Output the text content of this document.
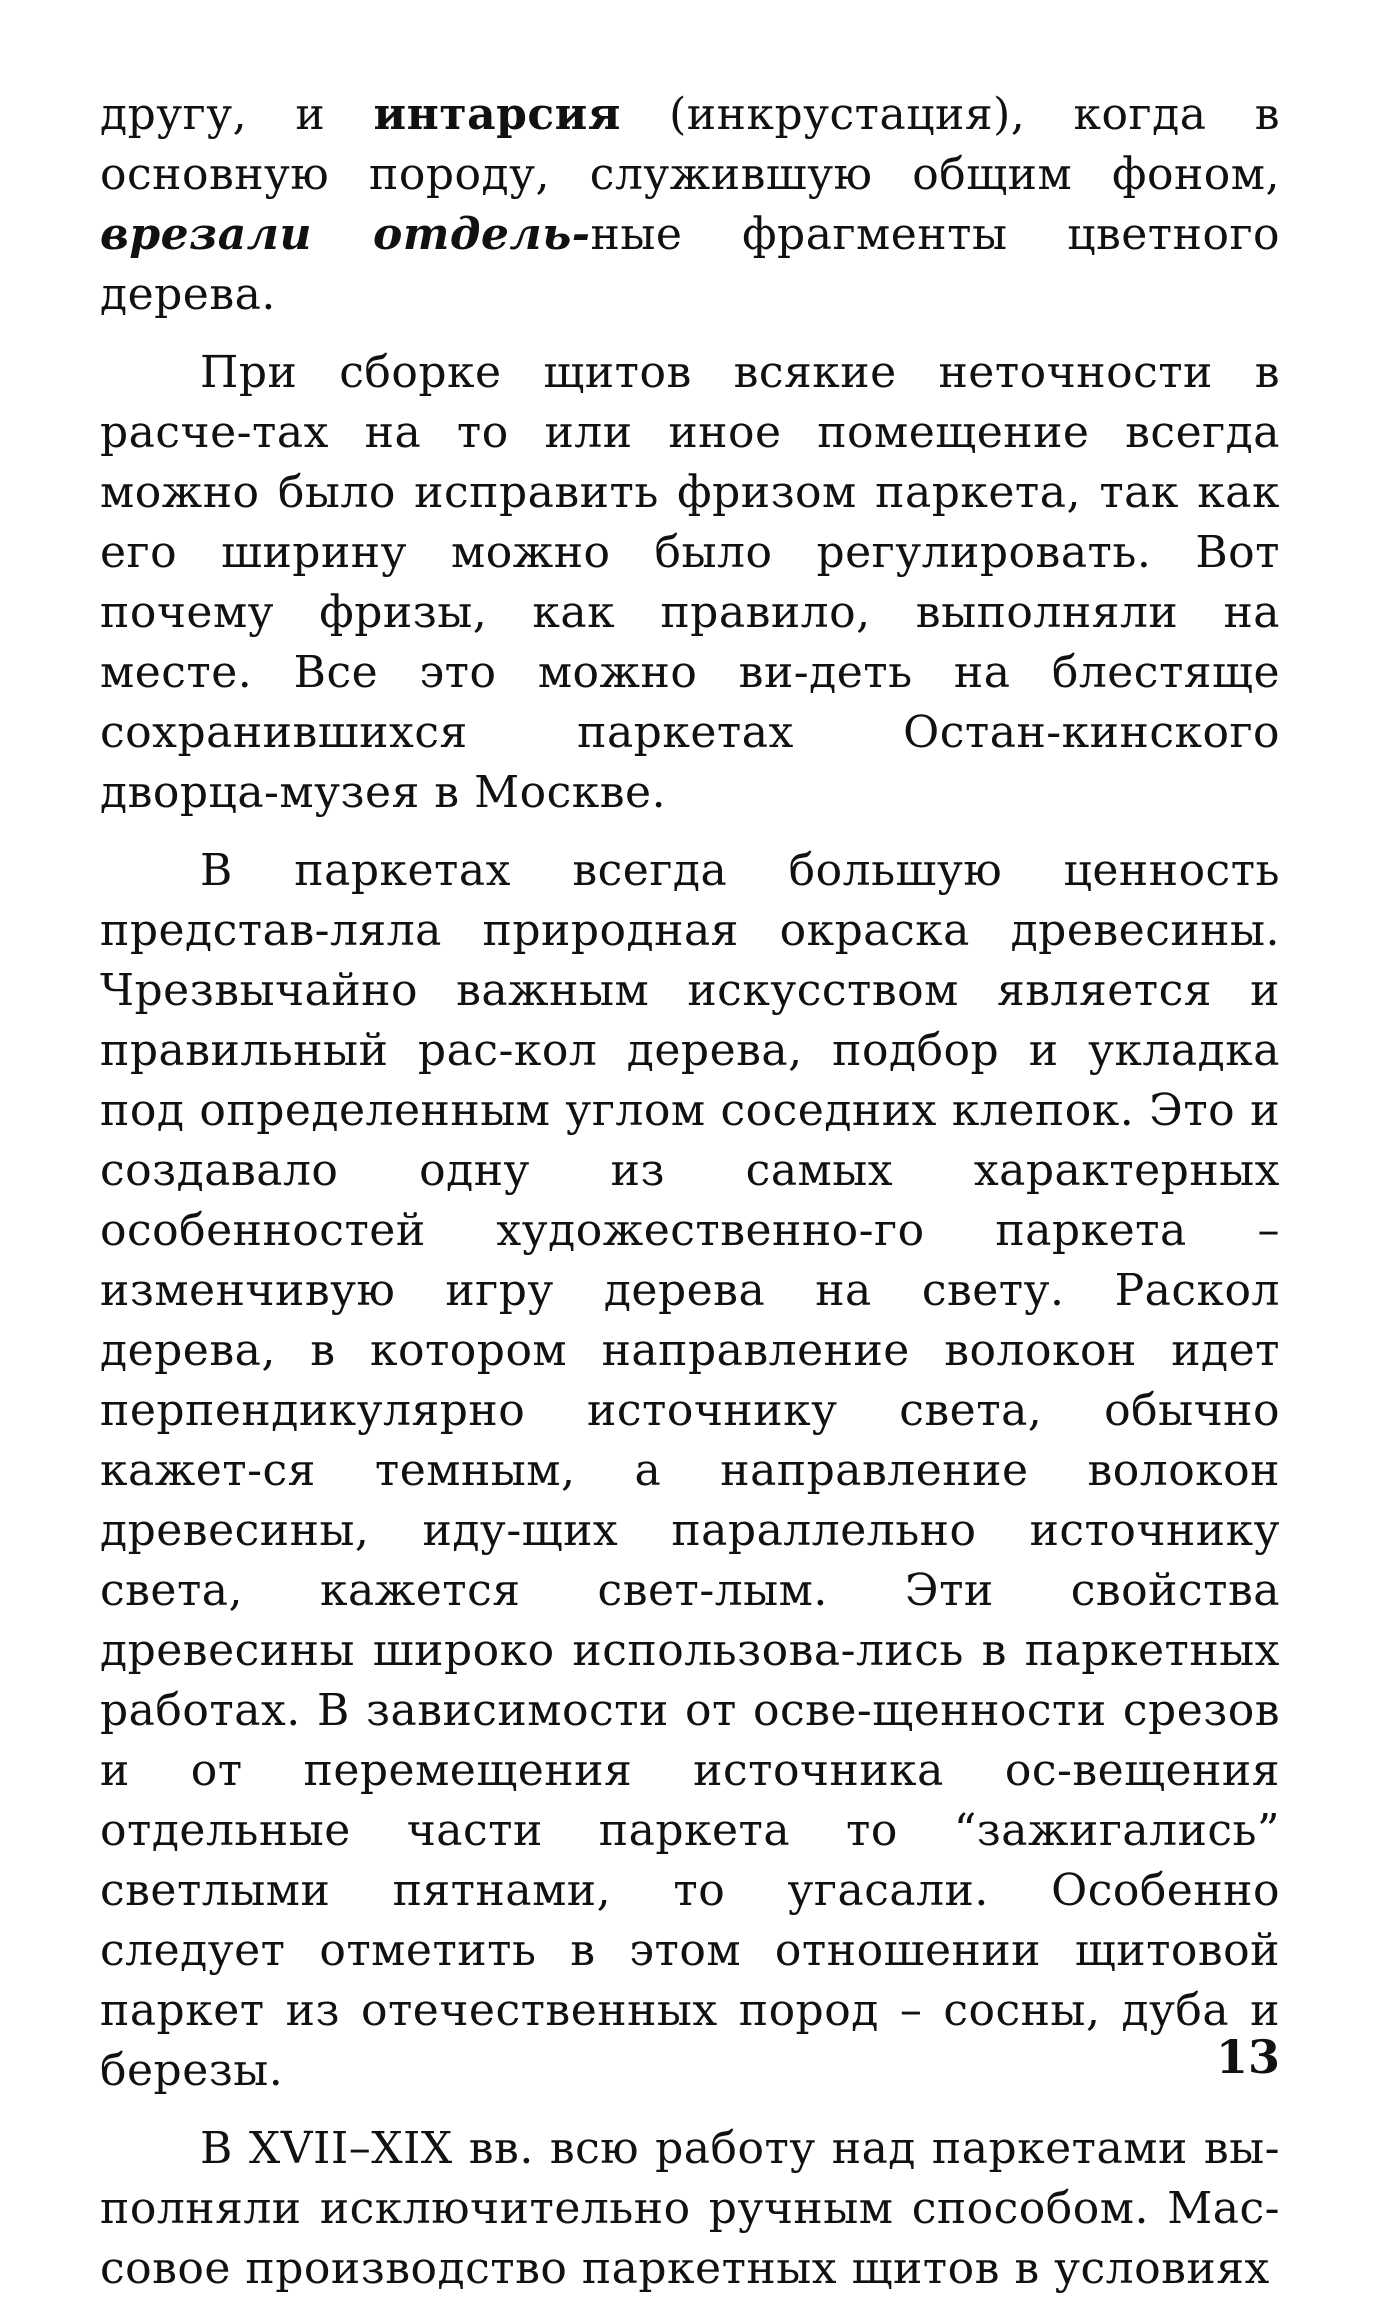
другу, и интарсия (инкрустация), когда в основную породу, служившую общим фоном, врезали отдель-ные фрагменты цветного дерева.

При сборке щитов всякие неточности в расче-тах на то или иное помещение всегда можно было исправить фризом паркета, так как его ширину можно было регулировать. Вот почему фризы, как правило, выполняли на месте. Все это можно ви-деть на блестяще сохранившихся паркетах Остан-кинского дворца-музея в Москве.

В паркетах всегда большую ценность представ-ляла природная окраска древесины. Чрезвычайно важным искусством является и правильный рас-кол дерева, подбор и укладка под определенным углом соседних клепок. Это и создавало одну из самых характерных особенностей художественно-го паркета – изменчивую игру дерева на свету. Раскол дерева, в котором направление волокон идет перпендикулярно источнику света, обычно кажет-ся темным, а направление волокон древесины, иду-щих параллельно источнику света, кажется свет-лым. Эти свойства древесины широко использова-лись в паркетных работах. В зависимости от осве-щенности срезов и от перемещения источника ос-вещения отдельные части паркета то “зажигались” светлыми пятнами, то угасали. Особенно следует отметить в этом отношении щитовой паркет из отечественных пород – сосны, дуба и березы.

В XVII–XIX вв. всю работу над паркетами вы-полняли исключительно ручным способом. Мас-совое производство паркетных щитов в условиях

13
